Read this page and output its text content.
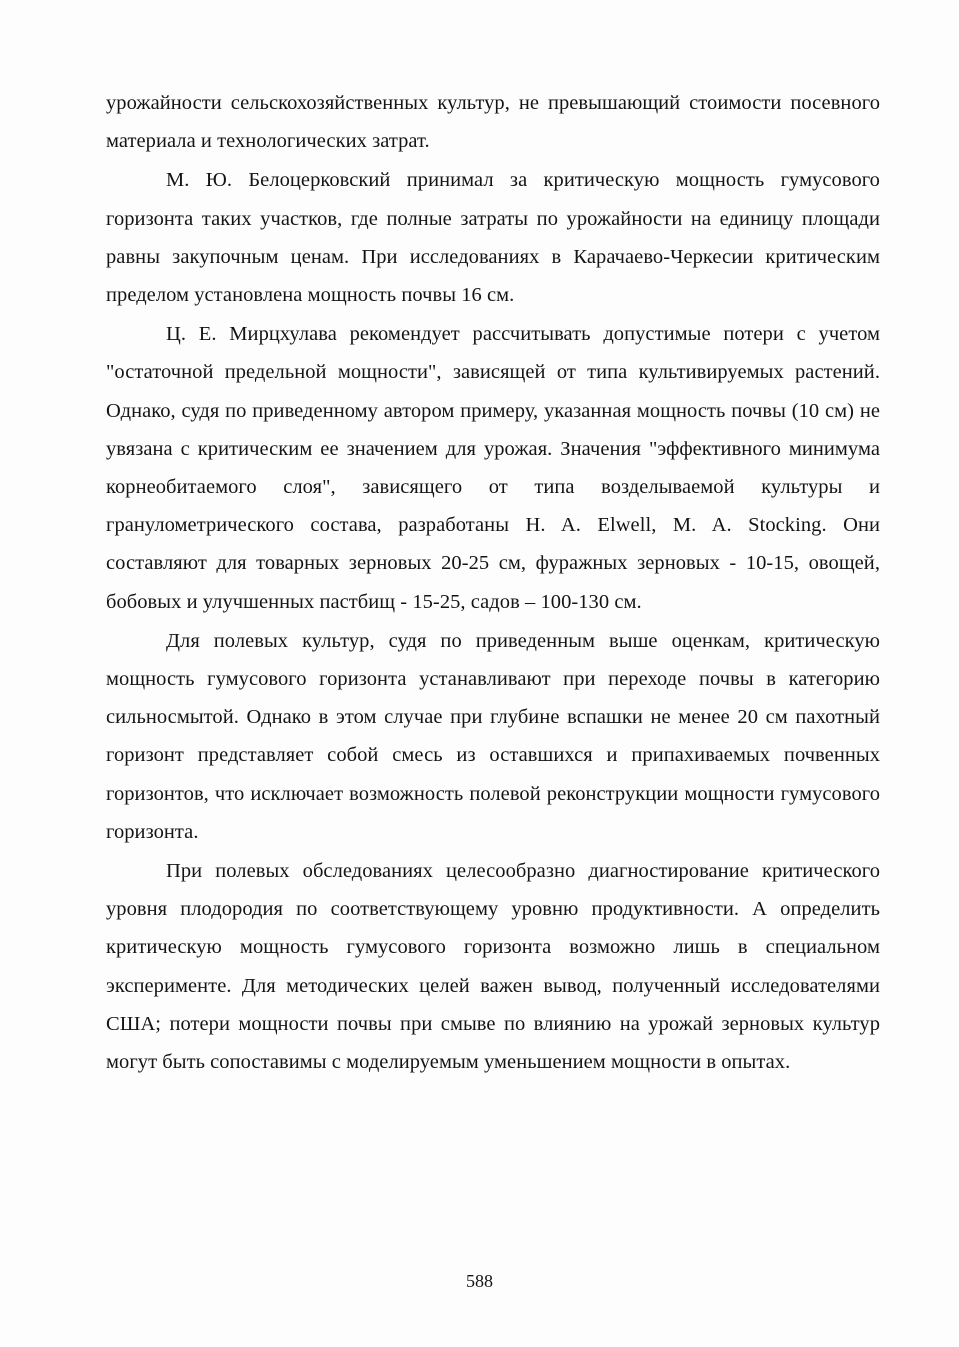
урожайности сельскохозяйственных культур, не превышающий стоимости посевного материала и технологических затрат.

М. Ю. Белоцерковский принимал за критическую мощность гумусового горизонта таких участков, где полные затраты по урожайности на единицу площади равны закупочным ценам. При исследованиях в Карачаево-Черкесии критическим пределом установлена мощность почвы 16 см.

Ц. Е. Мирцхулава рекомендует рассчитывать допустимые потери с учетом "остаточной предельной мощности", зависящей от типа культивируемых растений. Однако, судя по приведенному автором примеру, указанная мощность почвы (10 см) не увязана с критическим ее значением для урожая. Значения "эффективного минимума корнеобитаемого слоя", зависящего от типа возделываемой культуры и гранулометрического состава, разработаны H. A. Elwell, M. A. Stocking. Они составляют для товарных зерновых 20-25 см, фуражных зерновых - 10-15, овощей, бобовых и улучшенных пастбищ - 15-25, садов – 100-130 см.

Для полевых культур, судя по приведенным выше оценкам, критическую мощность гумусового горизонта устанавливают при переходе почвы в категорию сильносмытой. Однако в этом случае при глубине вспашки не менее 20 см пахотный горизонт представляет собой смесь из оставшихся и припахиваемых почвенных горизонтов, что исключает возможность полевой реконструкции мощности гумусового горизонта.

При полевых обследованиях целесообразно диагностирование критического уровня плодородия по соответствующему уровню продуктивности. А определить критическую мощность гумусового горизонта возможно лишь в специальном эксперименте. Для методических целей важен вывод, полученный исследователями США; потери мощности почвы при смыве по влиянию на урожай зерновых культур могут быть сопоставимы с моделируемым уменьшением мощности в опытах.

588
